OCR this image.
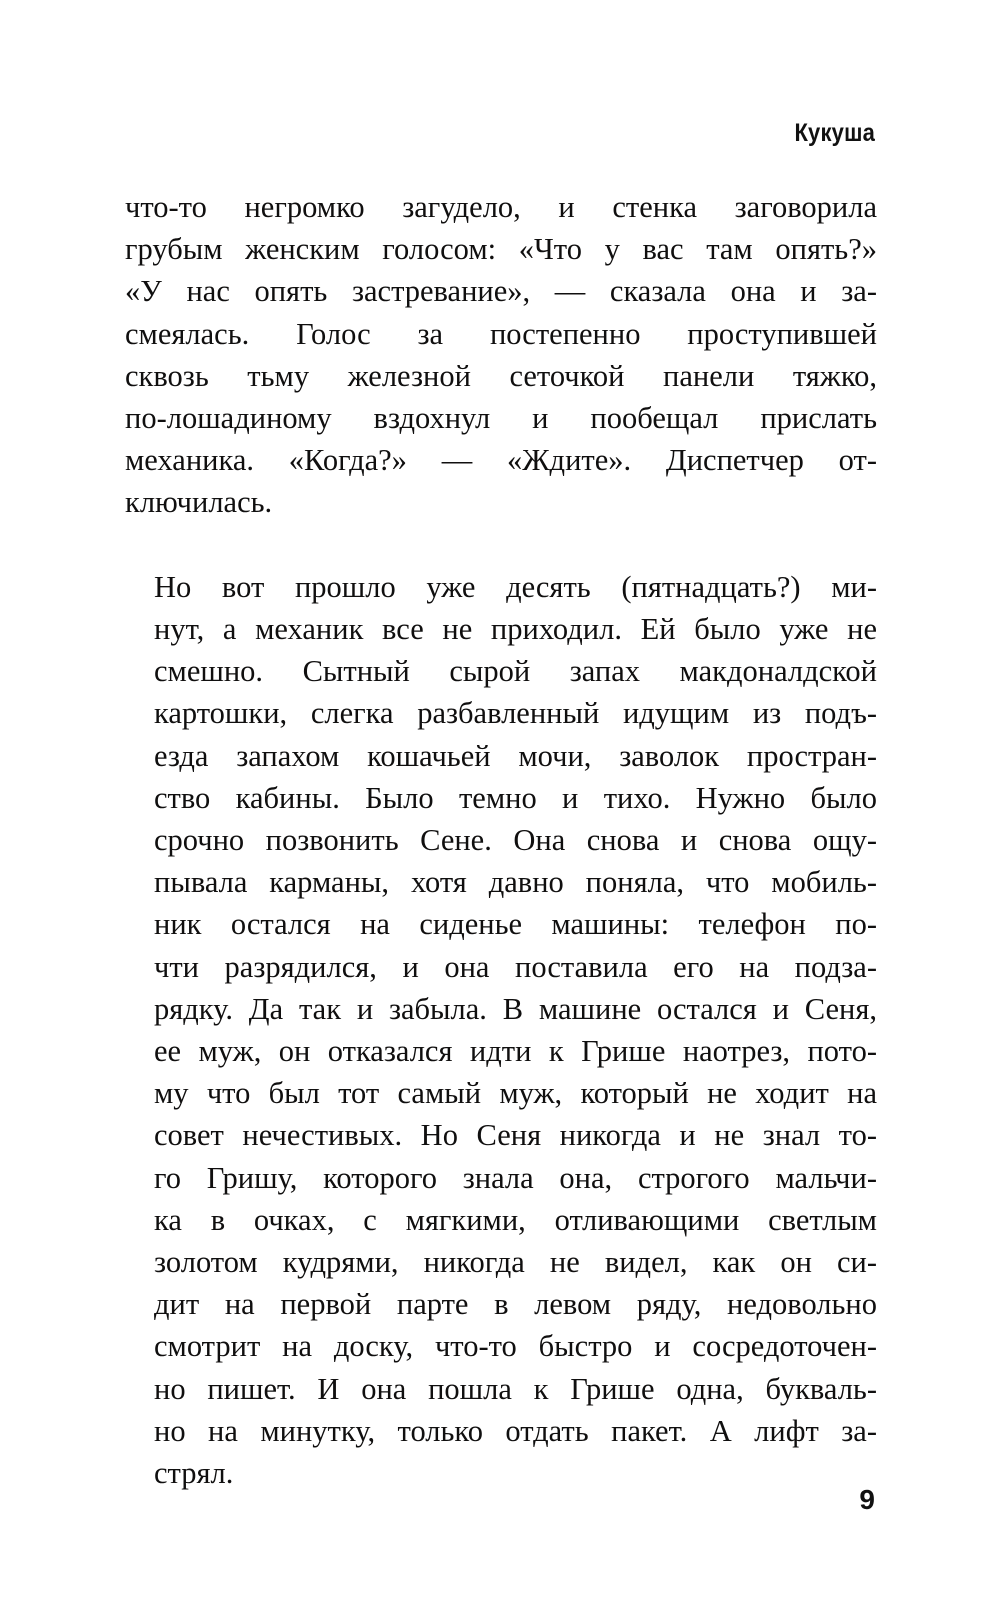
Кукуша

что-то негромко загудело, и стенка заговорила
грубым женским голосом: «Что у вас там опять?»
«У нас опять застревание», — сказала она и за-
смеялась. Голос за постепенно проступившей
сквозь тьму железной сеточкой панели тяжко,
по-лошадиному вздохнул и пообещал прислать
механика. «Когда?» — «Ждите». Диспетчер от-
ключилась.

Но вот прошло уже десять (пятнадцать?) ми-
нут, а механик все не приходил. Ей было уже не
смешно. Сытный сырой запах макдоналдской
картошки, слегка разбавленный идущим из подъ-
езда запахом кошачьей мочи, заволок простран-
ство кабины. Было темно и тихо. Нужно было
срочно позвонить Сене. Она снова и снова ощу-
пывала карманы, хотя давно поняла, что мобиль-
ник остался на сиденье машины: телефон по-
чти разрядился, и она поставила его на подза-
рядку. Да так и забыла. В машине остался и Сеня,
ее муж, он отказался идти к Грише наотрез, пото-
му что был тот самый муж, который не ходит на
совет нечестивых. Но Сеня никогда и не знал то-
го Гришу, которого знала она, строгого мальчи-
ка в очках, с мягкими, отливающими светлым
золотом кудрями, никогда не видел, как он си-
дит на первой парте в левом ряду, недовольно
смотрит на доску, что-то быстро и сосредоточен-
но пишет. И она пошла к Грише одна, букваль-
но на минутку, только отдать пакет. А лифт за-
стрял.

9
